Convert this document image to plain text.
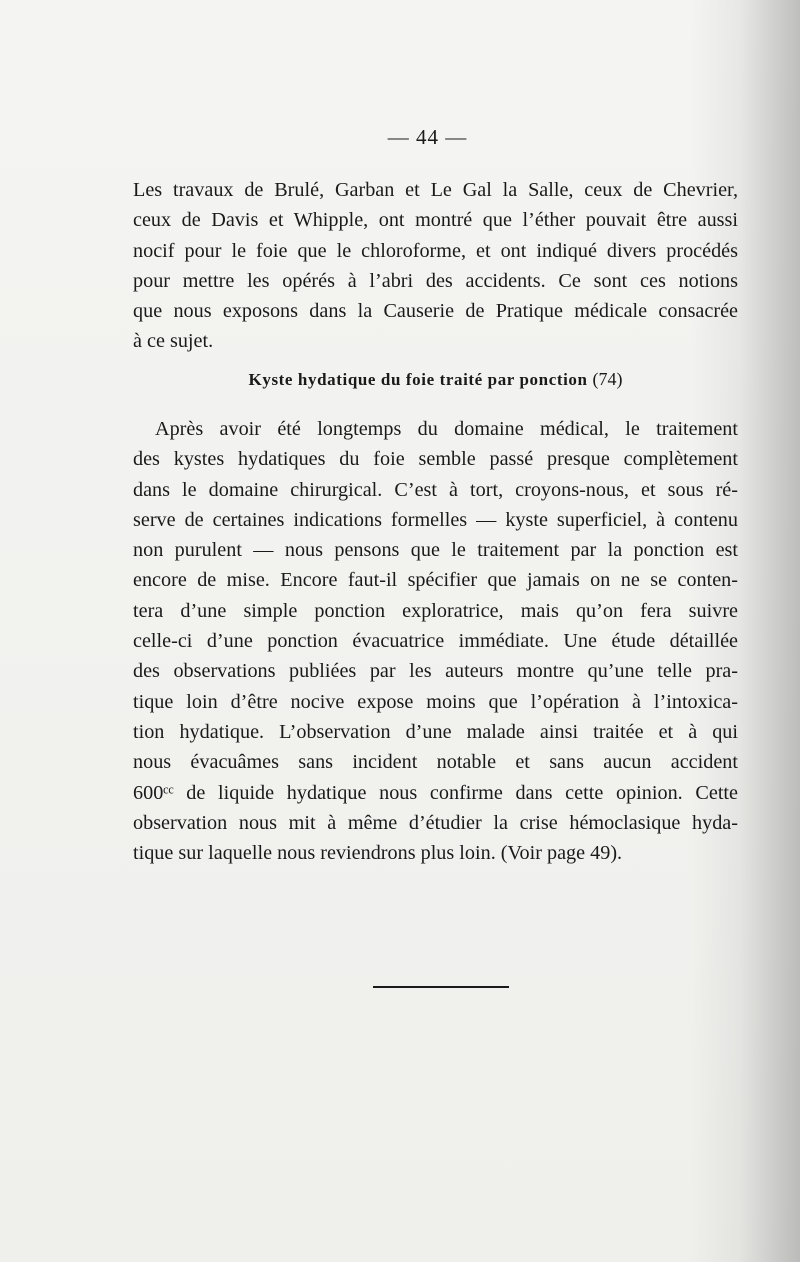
— 44 —
Les travaux de Brulé, Garban et Le Gal la Salle, ceux de Chevrier,
ceux de Davis et Whipple, ont montré que l’éther pouvait être aussi
nocif pour le foie que le chloroforme, et ont indiqué divers procédés
pour mettre les opérés à l’abri des accidents. Ce sont ces notions
que nous exposons dans la Causerie de Pratique médicale consacrée
à ce sujet.
Kyste hydatique du foie traité par ponction (74)
Après avoir été longtemps du domaine médical, le traitement
des kystes hydatiques du foie semble passé presque complètement
dans le domaine chirurgical. C’est à tort, croyons-nous, et sous ré-
serve de certaines indications formelles — kyste superficiel, à contenu
non purulent — nous pensons que le traitement par la ponction est
encore de mise. Encore faut-il spécifier que jamais on ne se conten-
tera d’une simple ponction exploratrice, mais qu’on fera suivre
celle-ci d’une ponction évacuatrice immédiate. Une étude détaillée
des observations publiées par les auteurs montre qu’une telle pra-
tique loin d’être nocive expose moins que l’opération à l’intoxica-
tion hydatique. L’observation d’une malade ainsi traitée et à qui
nous évacuâmes sans incident notable et sans aucun accident
600ᶜᶜ de liquide hydatique nous confirme dans cette opinion. Cette
observation nous mit à même d’étudier la crise hémoclasique hyda-
tique sur laquelle nous reviendrons plus loin. (Voir page 49).
